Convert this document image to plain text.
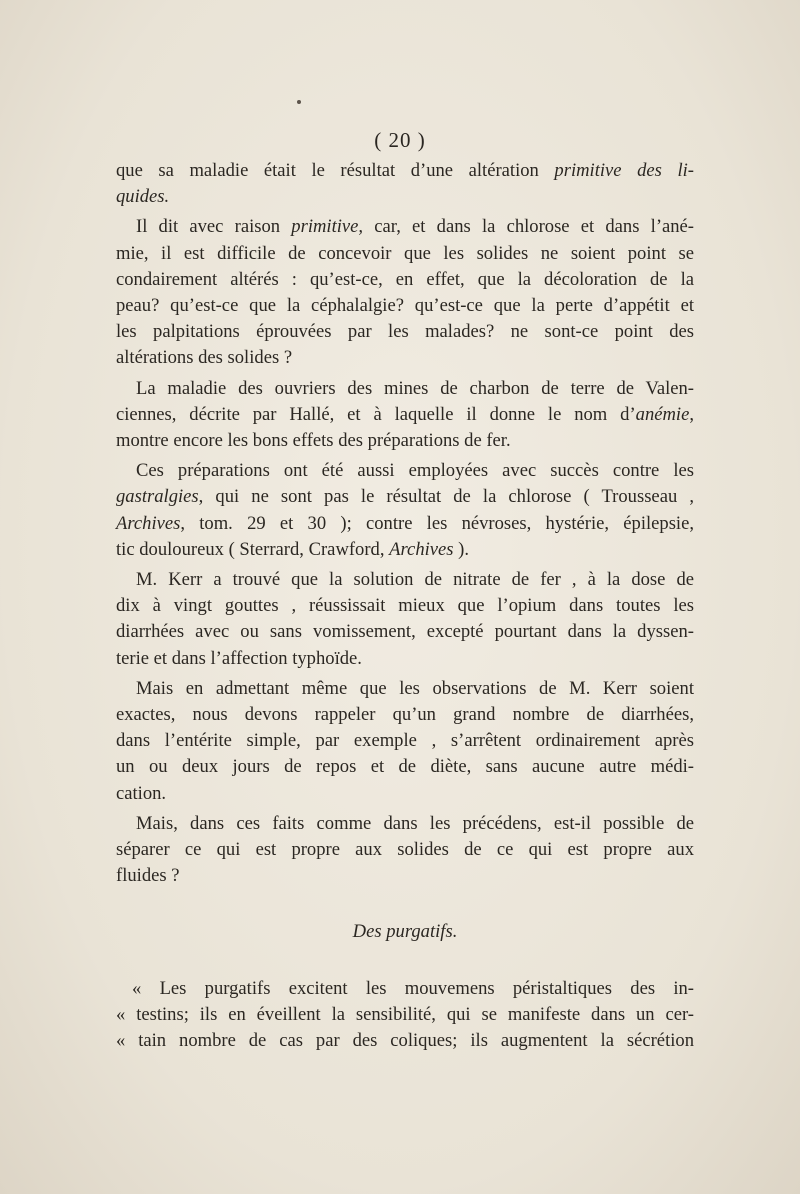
( 20 )
que sa maladie était le résultat d’une altération primitive des li-
quides.
Il dit avec raison primitive, car, et dans la chlorose et dans l’ané-
mie, il est difficile de concevoir que les solides ne soient point se
condairement altérés : qu’est-ce, en effet, que la décoloration de la
peau? qu’est-ce que la céphalalgie? qu’est-ce que la perte d’appétit et
les palpitations éprouvées par les malades? ne sont-ce point des
altérations des solides ?
La maladie des ouvriers des mines de charbon de terre de Valen-
ciennes, décrite par Hallé, et à laquelle il donne le nom d’anémie,
montre encore les bons effets des préparations de fer.
Ces préparations ont été aussi employées avec succès contre les
gastralgies, qui ne sont pas le résultat de la chlorose ( Trousseau ,
Archives, tom. 29 et 30 ); contre les névroses, hystérie, épilepsie,
tic douloureux ( Sterrard, Crawford, Archives ).
M. Kerr a trouvé que la solution de nitrate de fer , à la dose de
dix à vingt gouttes , réussissait mieux que l’opium dans toutes les
diarrhées avec ou sans vomissement, excepté pourtant dans la dyssen-
terie et dans l’affection typhoïde.
Mais en admettant même que les observations de M. Kerr soient
exactes, nous devons rappeler qu’un grand nombre de diarrhées,
dans l’entérite simple, par exemple , s’arrêtent ordinairement après
un ou deux jours de repos et de diète, sans aucune autre médi-
cation.
Mais, dans ces faits comme dans les précédens, est-il possible de
séparer ce qui est propre aux solides de ce qui est propre aux
fluides ?
Des purgatifs.
« Les purgatifs excitent les mouvemens péristaltiques des in-
« testins; ils en éveillent la sensibilité, qui se manifeste dans un cer-
« tain nombre de cas par des coliques; ils augmentent la sécrétion
